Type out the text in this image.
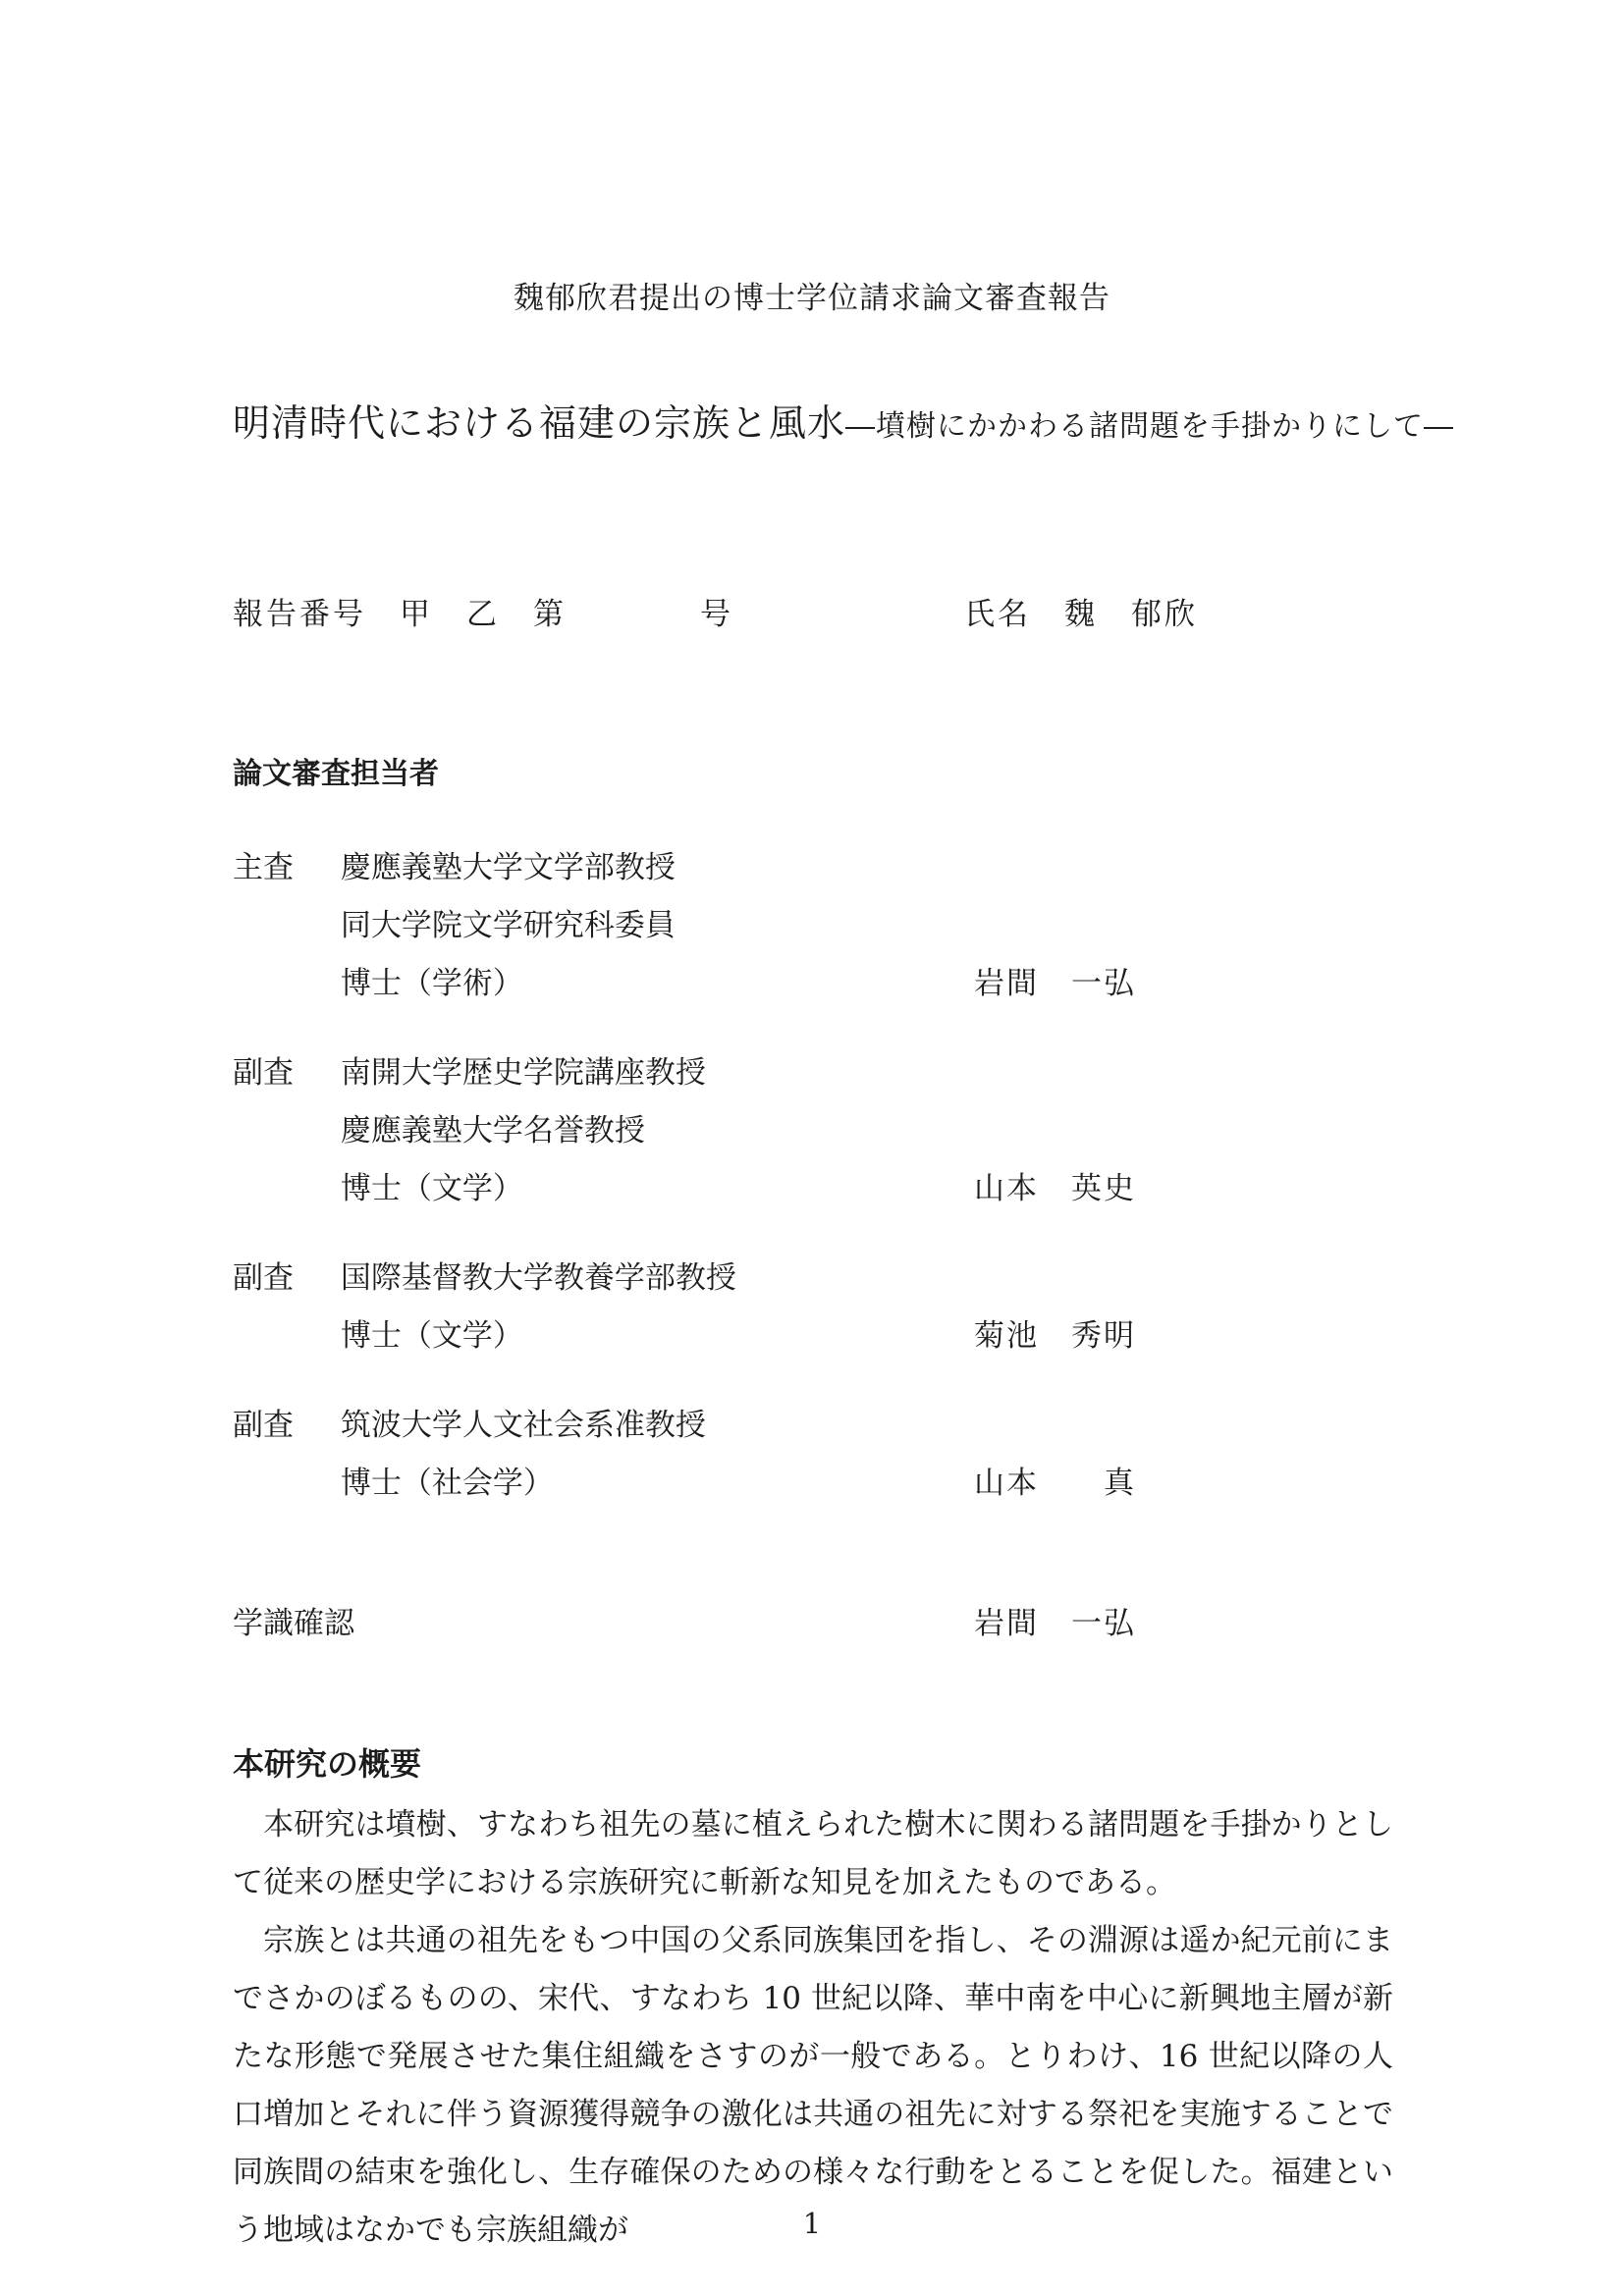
魏郁欣君提出の博士学位請求論文審査報告
明清時代における福建の宗族と風水―墳樹にかかわる諸問題を手掛かりにして―
報告番号　甲　乙　第　　　　号	氏名　魏　郁欣
論文審査担当者
主査 慶應義塾大学文学部教授
同大学院文学研究科委員
博士（学術）	岩間　一弘
副査 南開大学歴史学院講座教授
慶應義塾大学名誉教授
博士（文学）	山本　英史
副査 国際基督教大学教養学部教授
博士（文学）	菊池　秀明
副査 筑波大学人文社会系准教授
博士（社会学）	山本　　真
学識確認	岩間　一弘
本研究の概要

　本研究は墳樹、すなわち祖先の墓に植えられた樹木に関わる諸問題を手掛かりとして従来の歴史学における宗族研究に斬新な知見を加えたものである。

　宗族とは共通の祖先をもつ中国の父系同族集団を指し、その淵源は遥か紀元前にまでさかのぼるものの、宋代、すなわち 10 世紀以降、華中南を中心に新興地主層が新たな形態で発展させた集住組織をさすのが一般である。とりわけ、16 世紀以降の人口増加とそれに伴う資源獲得競争の激化は共通の祖先に対する祭祀を実施することで同族間の結束を強化し、生存確保のための様々な行動をとることを促した。福建という地域はなかでも宗族組織が	1
